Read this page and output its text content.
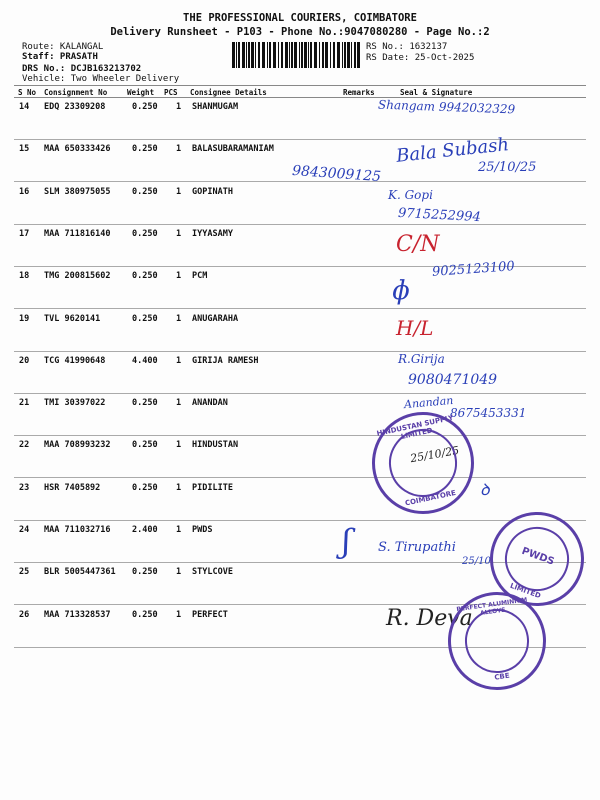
THE PROFESSIONAL COURIERS, COIMBATORE
Delivery Runsheet - P103 - Phone No.:9047080280 - Page No.:2
Route: KALANGAL
Staff: PRASATH
DRS No.: DCJB163213702
Vehicle: Two Wheeler Delivery
RS No.: 1632137
RS Date: 25-Oct-2025
S No Consignment No	Weight PCS Consignee Details	Remarks	Seal & Signature
14 EDQ 23309208	0.250 1 SHANMUGAM
15 MAA 650333426	0.250 1 BALASUBARAMANIAM
16 SLM 380975055	0.250 1 GOPINATH
17 MAA 711816140	0.250 1 IYYASAMY
18 TMG 200815602	0.250 1 PCM
19 TVL 9620141	0.250 1 ANUGARAHA
20 TCG 41990648	4.400 1 GIRIJA RAMESH
21 TMI 30397022	0.250 1 ANANDAN
22 MAA 708993232	0.250 1 HINDUSTAN
23 HSR 7405892	0.250 1 PIDILITE
24 MAA 711032716	2.400 1 PWDS
25 BLR 5005447361 0.250 1 STYLCOVE
26 MAA 713328537	0.250 1 PERFECT
Shangam 9942032329
9843009125
Bala Subash
25/10/25
K. Gopi
9715252994
C/N
ɸ
9025123100
H/L
R.Girija
9080471049
Anandan
8675453331
25/10/25
ꝺ
ʃ S. Tirupathi
25/10
R. Deva
HINDUSTAN SUPPLY LIMITED
COIMBATORE
PWDS
LIMITED
PERFECT ALUMINIUM ALLOYS
CBE
